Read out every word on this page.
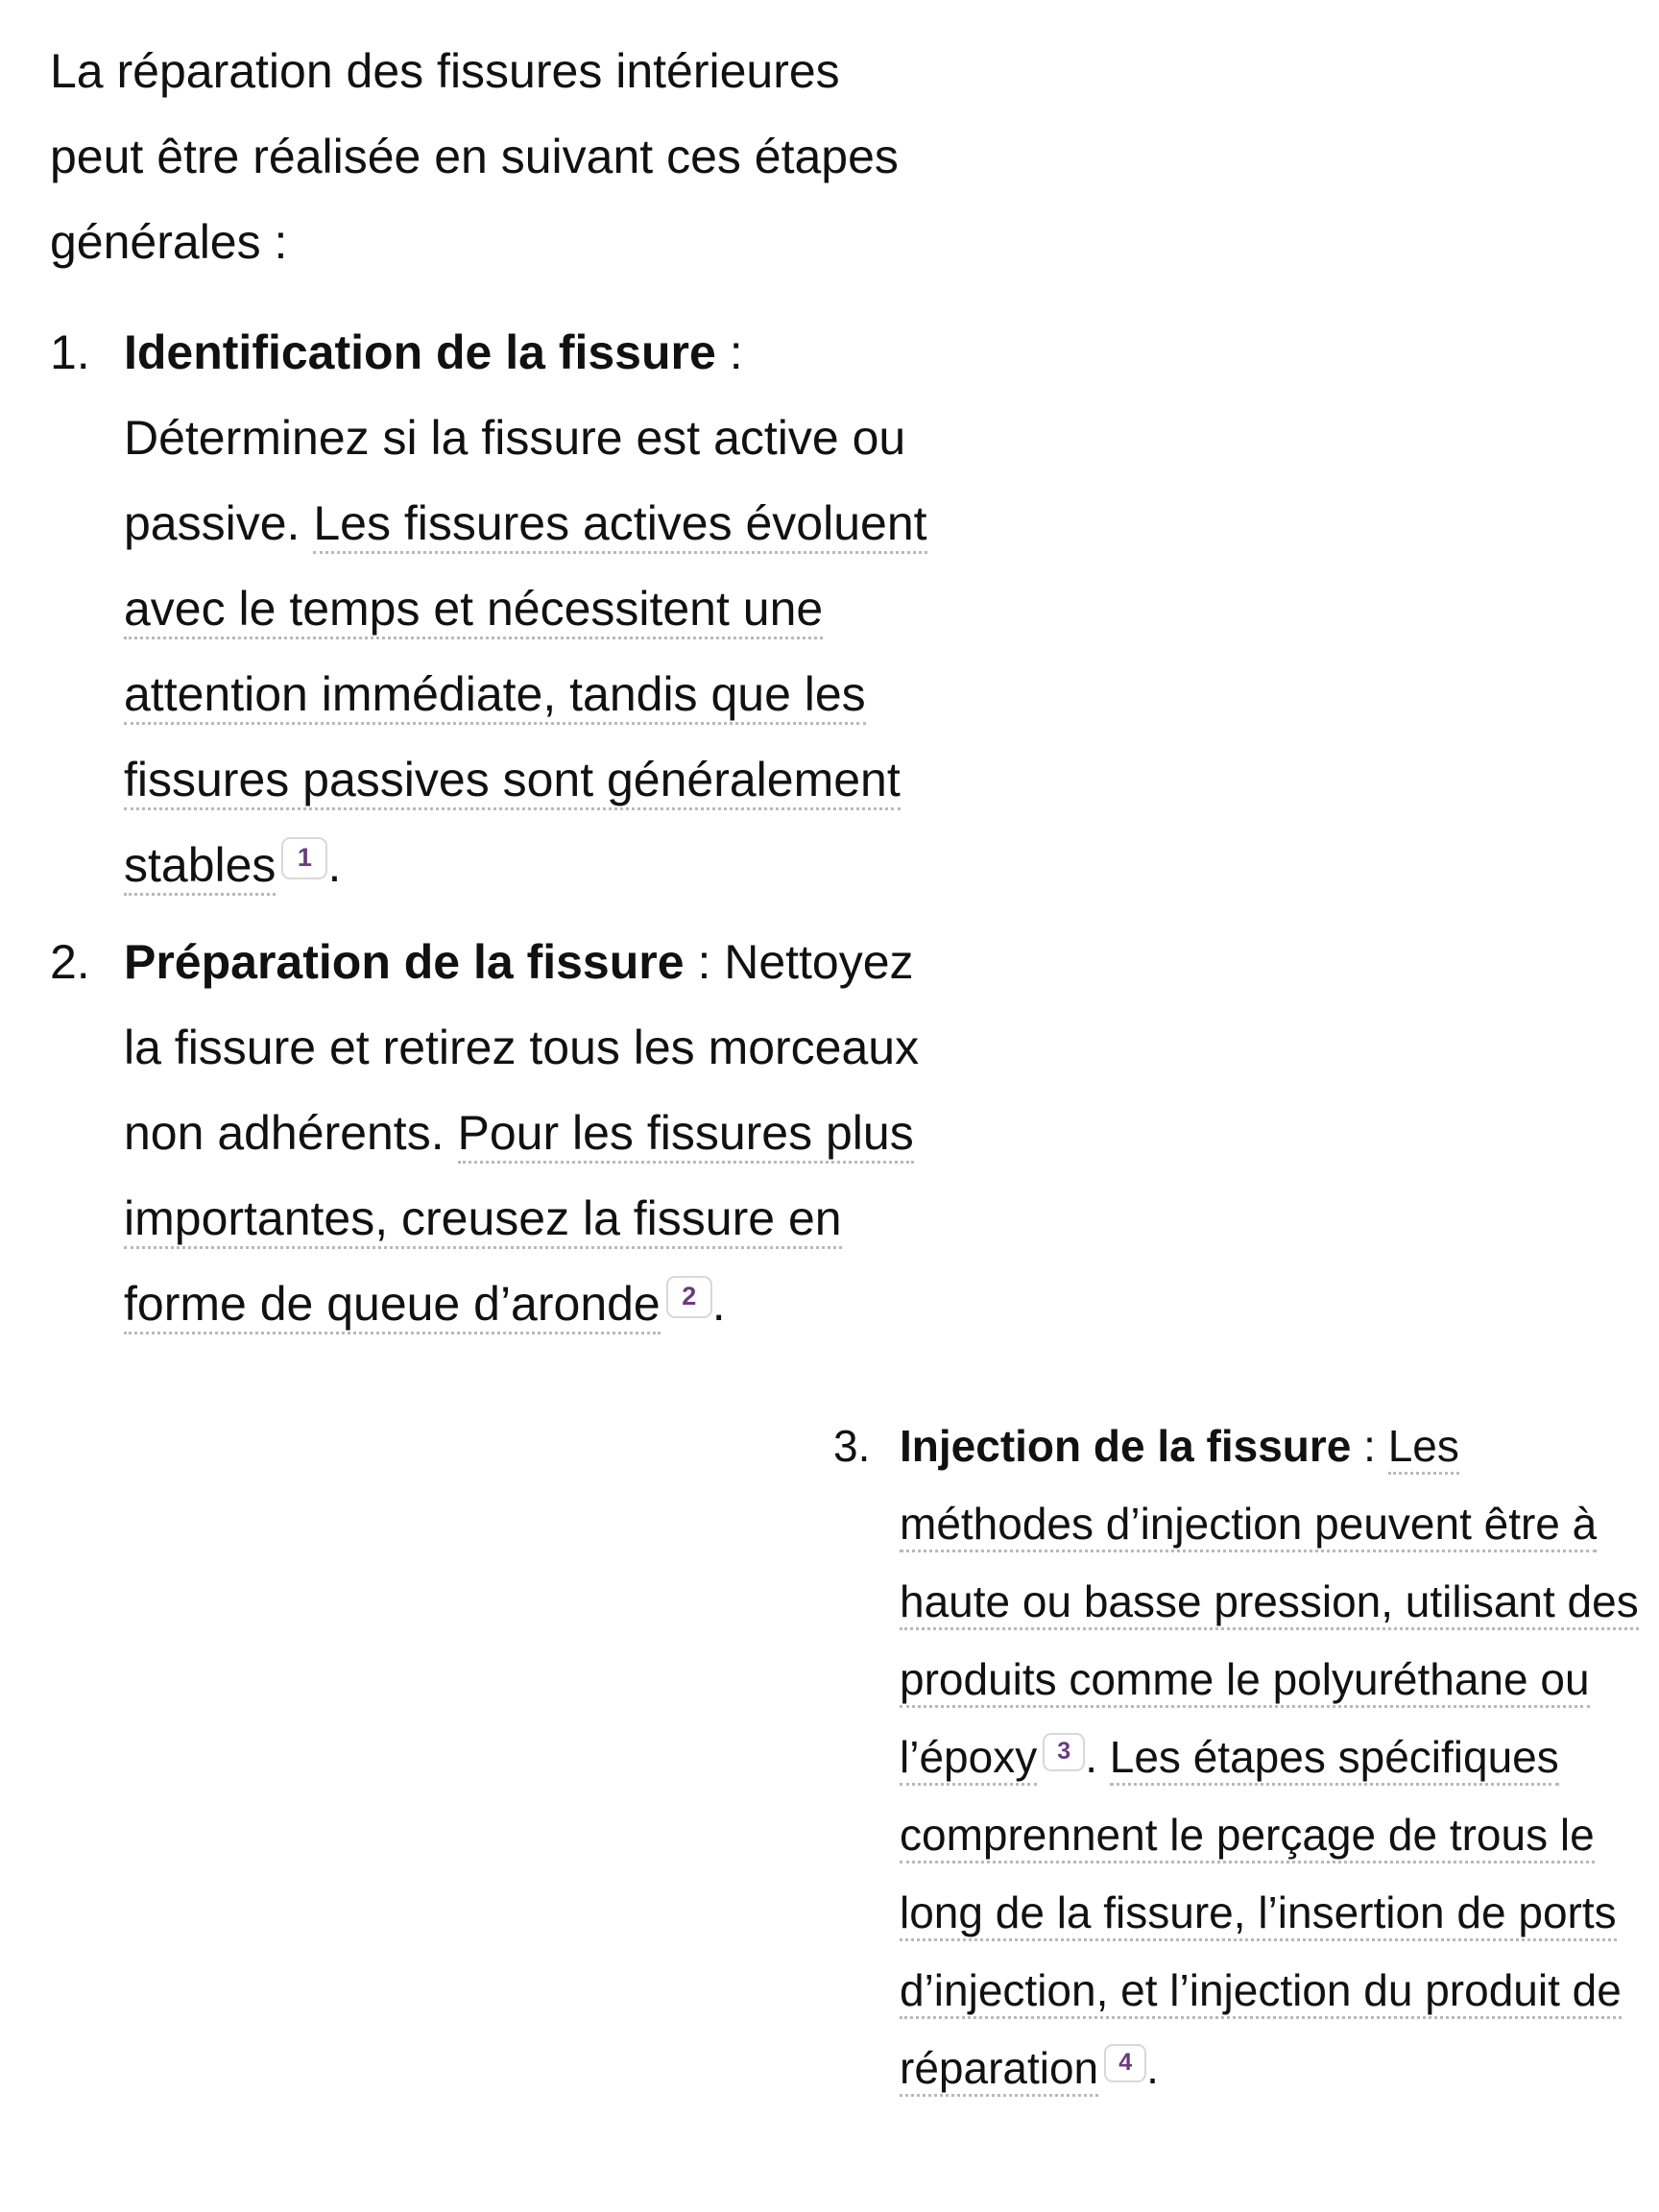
La réparation des fissures intérieures peut être réalisée en suivant ces étapes générales :

1. Identification de la fissure : Déterminez si la fissure est active ou passive. Les fissures actives évoluent avec le temps et nécessitent une attention immédiate, tandis que les fissures passives sont généralement stables 1 .
2. Préparation de la fissure : Nettoyez la fissure et retirez tous les morceaux non adhérents. Pour les fissures plus importantes, creusez la fissure en forme de queue d’aronde 2 .
3. Injection de la fissure : Les méthodes d’injection peuvent être à haute ou basse pression, utilisant des produits comme le polyuréthane ou l’époxy 3 . Les étapes spécifiques comprennent le perçage de trous le long de la fissure, l’insertion de ports d’injection, et l’injection du produit de réparation 4 .
